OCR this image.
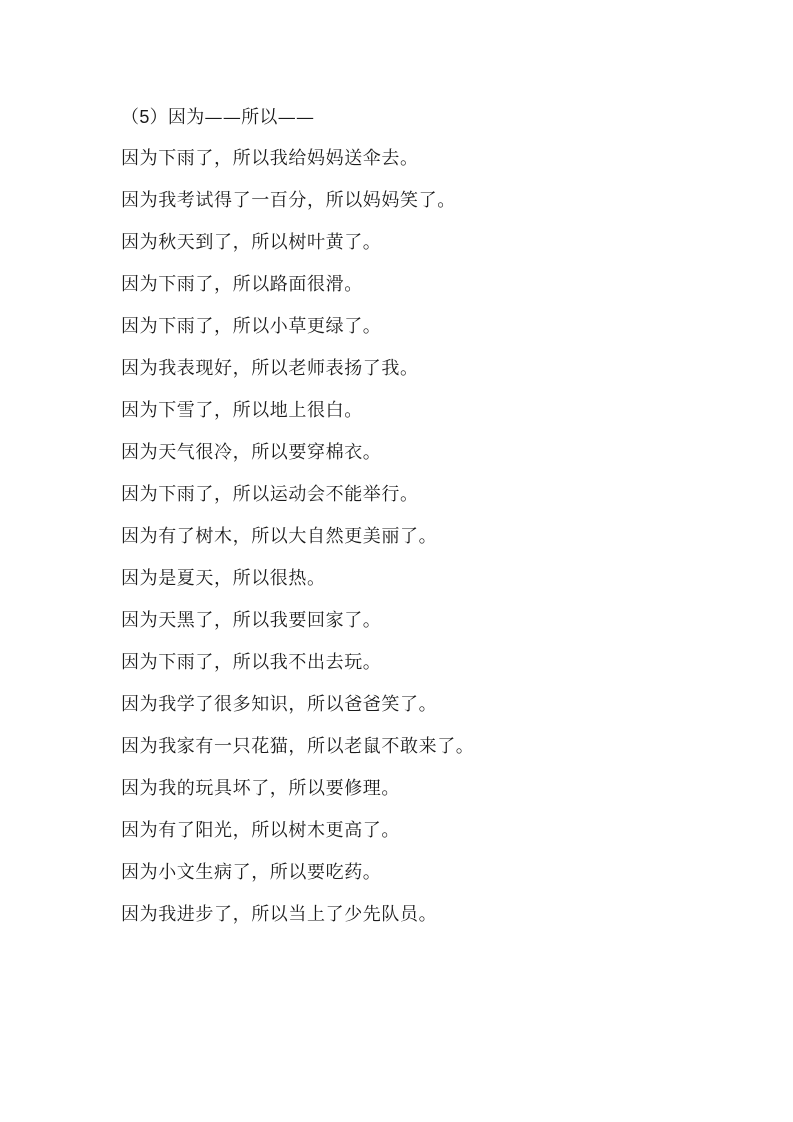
（5）因为——所以——
因为下雨了，所以我给妈妈送伞去。
因为我考试得了一百分，所以妈妈笑了。
因为秋天到了，所以树叶黄了。
因为下雨了，所以路面很滑。
因为下雨了，所以小草更绿了。
因为我表现好，所以老师表扬了我。
因为下雪了，所以地上很白。
因为天气很冷，所以要穿棉衣。
因为下雨了，所以运动会不能举行。
因为有了树木，所以大自然更美丽了。
因为是夏天，所以很热。
因为天黑了，所以我要回家了。
因为下雨了，所以我不出去玩。
因为我学了很多知识，所以爸爸笑了。
因为我家有一只花猫，所以老鼠不敢来了。
因为我的玩具坏了，所以要修理。
因为有了阳光，所以树木更高了。
因为小文生病了，所以要吃药。
因为我进步了，所以当上了少先队员。
